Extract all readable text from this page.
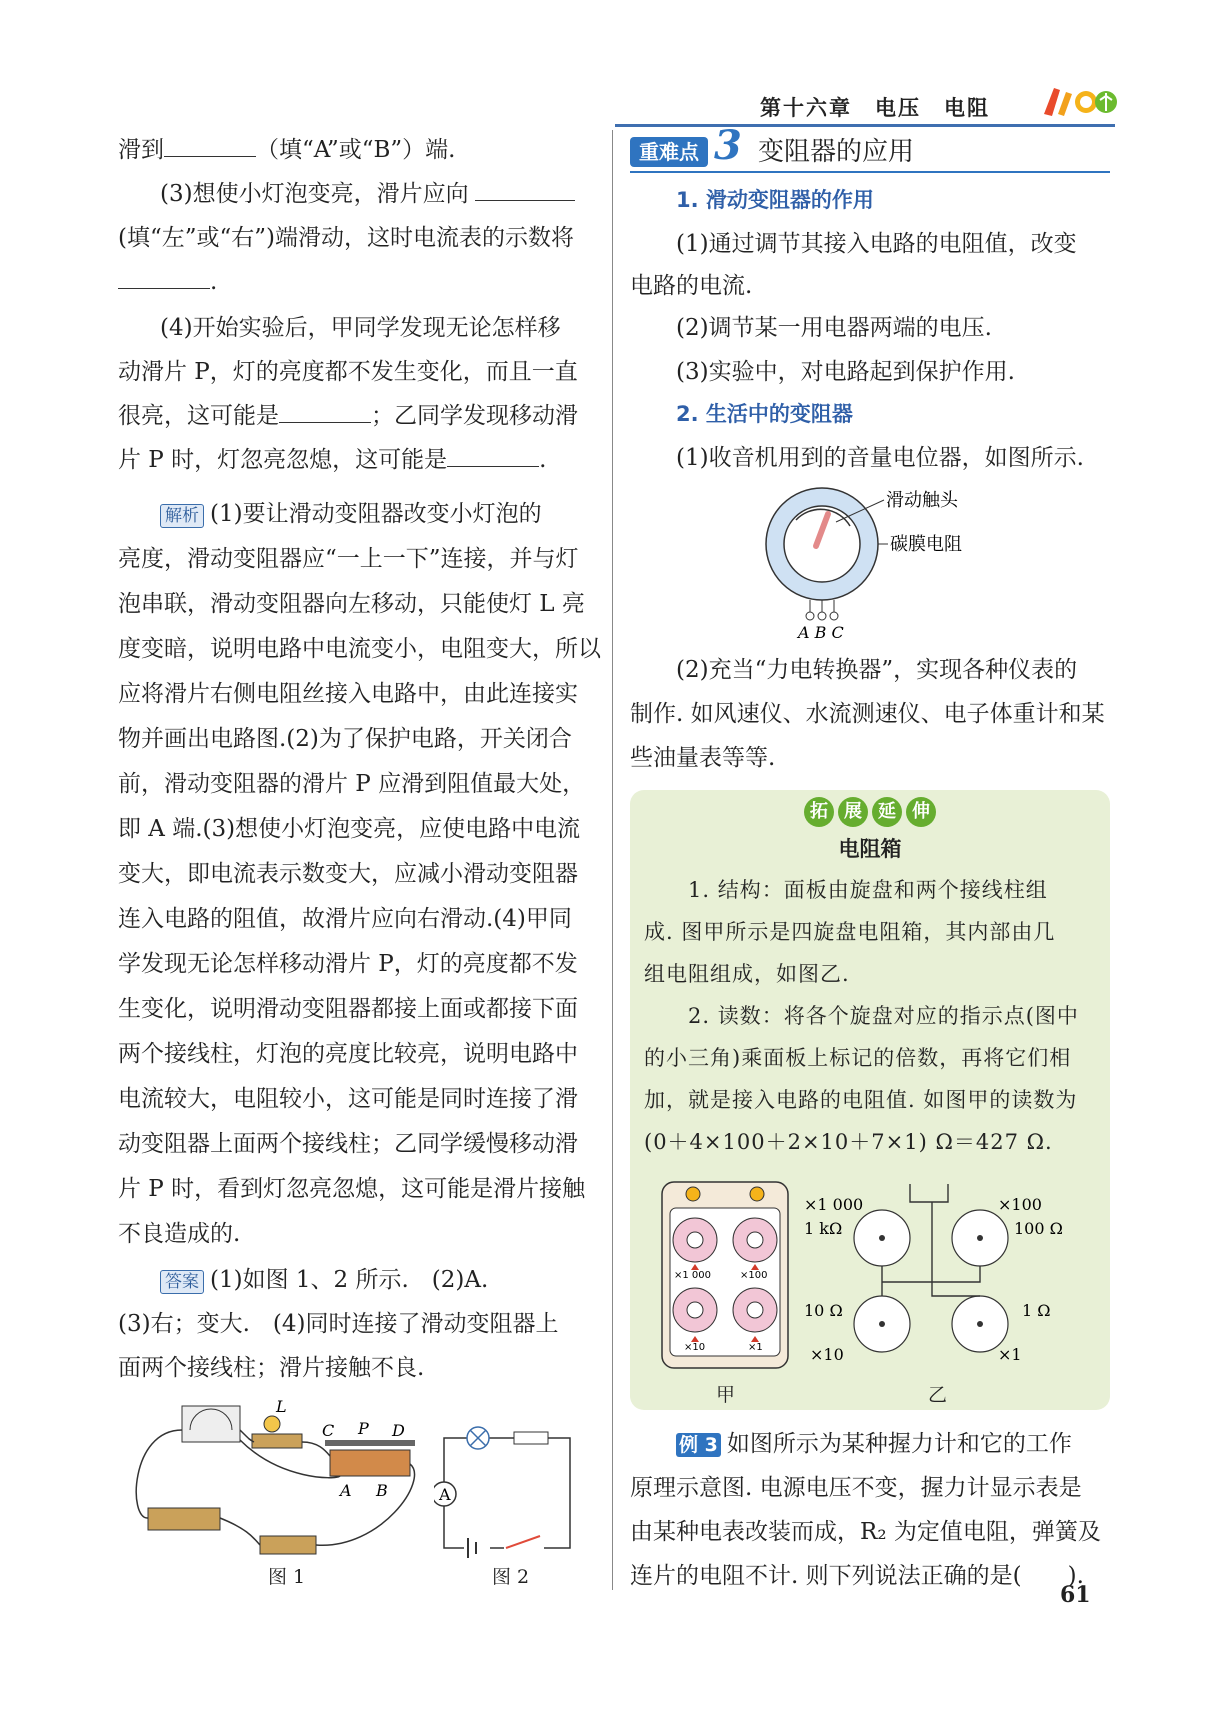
第十六章　电压　电阻
滑到	（填“A”或“B”）端.
(3)想使小灯泡变亮，滑片应向
(填“左”或“右”)端滑动，这时电流表的示数将
.
(4)开始实验后，甲同学发现无论怎样移
动滑片 P，灯的亮度都不发生变化，而且一直
很亮，这可能是	；乙同学发现移动滑
片 P 时，灯忽亮忽熄，这可能是	.
解析 (1)要让滑动变阻器改变小灯泡的
亮度，滑动变阻器应“一上一下”连接，并与灯
泡串联，滑动变阻器向左移动，只能使灯 L 亮
度变暗，说明电路中电流变小，电阻变大，所以
应将滑片右侧电阻丝接入电路中，由此连接实
物并画出电路图.(2)为了保护电路，开关闭合
前，滑动变阻器的滑片 P 应滑到阻值最大处，
即 A 端.(3)想使小灯泡变亮，应使电路中电流
变大，即电流表示数变大，应减小滑动变阻器
连入电路的阻值，故滑片应向右滑动.(4)甲同
学发现无论怎样移动滑片 P，灯的亮度都不发
生变化，说明滑动变阻器都接上面或都接下面
两个接线柱，灯泡的亮度比较亮，说明电路中
电流较大，电阻较小，这可能是同时连接了滑
动变阻器上面两个接线柱；乙同学缓慢移动滑
片 P 时，看到灯忽亮忽熄，这可能是滑片接触
不良造成的.
答案 (1)如图 1、2 所示.　(2)A.
(3)右；变大.　(4)同时连接了滑动变阻器上
面两个接线柱；滑片接触不良.
L
C P D
A B
图 1
A
图 2
重难点 3 变阻器的应用
1. 滑动变阻器的作用
(1)通过调节其接入电路的电阻值，改变
电路的电流.
(2)调节某一用电器两端的电压.
(3)实验中，对电路起到保护作用.
2. 生活中的变阻器
(1)收音机用到的音量电位器，如图所示.
滑动触头
碳膜电阻
A B C
(2)充当“力电转换器”，实现各种仪表的
制作. 如风速仪、水流测速仪、电子体重计和某
些油量表等等.
拓 展 延 伸
电阻箱
1. 结构：面板由旋盘和两个接线柱组
成. 图甲所示是四旋盘电阻箱，其内部由几
组电阻组成，如图乙.
2. 读数：将各个旋盘对应的指示点(图中
的小三角)乘面板上标记的倍数，再将它们相
加，就是接入电路的电阻值. 如图甲的读数为
(0＋4×100＋2×10＋7×1) Ω＝427 Ω.
×1 000	×100
×10	×1
甲
×1 000
1 kΩ
×100
100 Ω
10 Ω	1 Ω
×10	×1
乙
例 3 如图所示为某种握力计和它的工作
原理示意图. 电源电压不变，握力计显示表是
由某种电表改装而成，R₂ 为定值电阻，弹簧及
连片的电阻不计. 则下列说法正确的是(　　).
61
